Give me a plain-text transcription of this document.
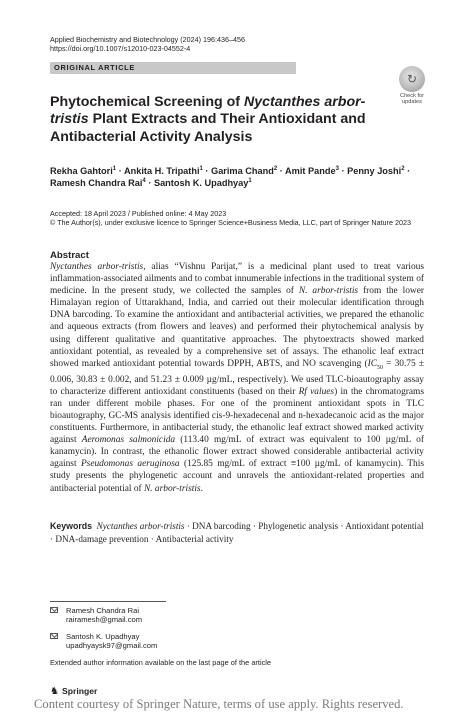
Applied Biochemistry and Biotechnology (2024) 196:436–456
https://doi.org/10.1007/s12010-023-04552-4
ORIGINAL ARTICLE
↻
Check for
updates
Phytochemical Screening of Nyctanthes arbor-tristis Plant Extracts and Their Antioxidant and Antibacterial Activity Analysis
Rekha Gahtori$^1$ · Ankita H. Tripathi$^1$ · Garima Chand$^2$ · Amit Pande$^3$ · Penny Joshi$^2$ ·
Ramesh Chandra Rai$^4$ · Santosh K. Upadhyay$^1$
Accepted: 18 April 2023 / Published online: 4 May 2023
© The Author(s), under exclusive licence to Springer Science+Business Media, LLC, part of Springer Nature 2023
Abstract

Nyctanthes arbor-tristis, alias “Vishnu Parijat,” is a medicinal plant used to treat various inflammation-associated ailments and to combat innumerable infections in the traditional system of medicine. In the present study, we collected the samples of N. arbor-tristis from the lower Himalayan region of Uttarakhand, India, and carried out their molecular identification through DNA barcoding. To examine the antioxidant and antibacterial activities, we prepared the ethanolic and aqueous extracts (from flowers and leaves) and performed their phytochemical analysis by using different qualitative and quantitative approaches. The phytoextracts showed marked antioxidant potential, as revealed by a comprehensive set of assays. The ethanolic leaf extract showed marked antioxidant potential towards DPPH, ABTS, and NO scavenging ($IC_{50} = 30.75 \pm 0.006$, 30.83 ± 0.002, and 51.23 ± 0.009 µg/mL, respectively). We used TLC-bioautography assay to characterize different antioxidant constituents (based on their Rf values) in the chromatograms ran under different mobile phases. For one of the prominent antioxidant spots in TLC bioautography, GC-MS analysis identified cis-9-hexadecenal and n-hexadecanoic acid as the major constituents. Furthermore, in antibacterial study, the ethanolic leaf extract showed marked activity against Aeromonas salmonicida (113.40 mg/mL of extract was equivalent to 100 µg/mL of kanamycin). In contrast, the ethanolic flower extract showed considerable antibacterial activity against Pseudomonas aeruginosa (125.85 mg/mL of extract ≡100 µg/mL of kanamycin). This study presents the phylogenetic account and unravels the antioxidant-related properties and antibacterial potential of N. arbor-tristis.

Keywords Nyctanthes arbor-tristis · DNA barcoding · Phylogenetic analysis · Antioxidant potential · DNA-damage prevention · Antibacterial activity
Ramesh Chandra Rai
rairamesh@gmail.com
Santosh K. Upadhyay
upadhyaysk97@gmail.com
Extended author information available on the last page of the article
♞ Springer
Content courtesy of Springer Nature, terms of use apply. Rights reserved.
